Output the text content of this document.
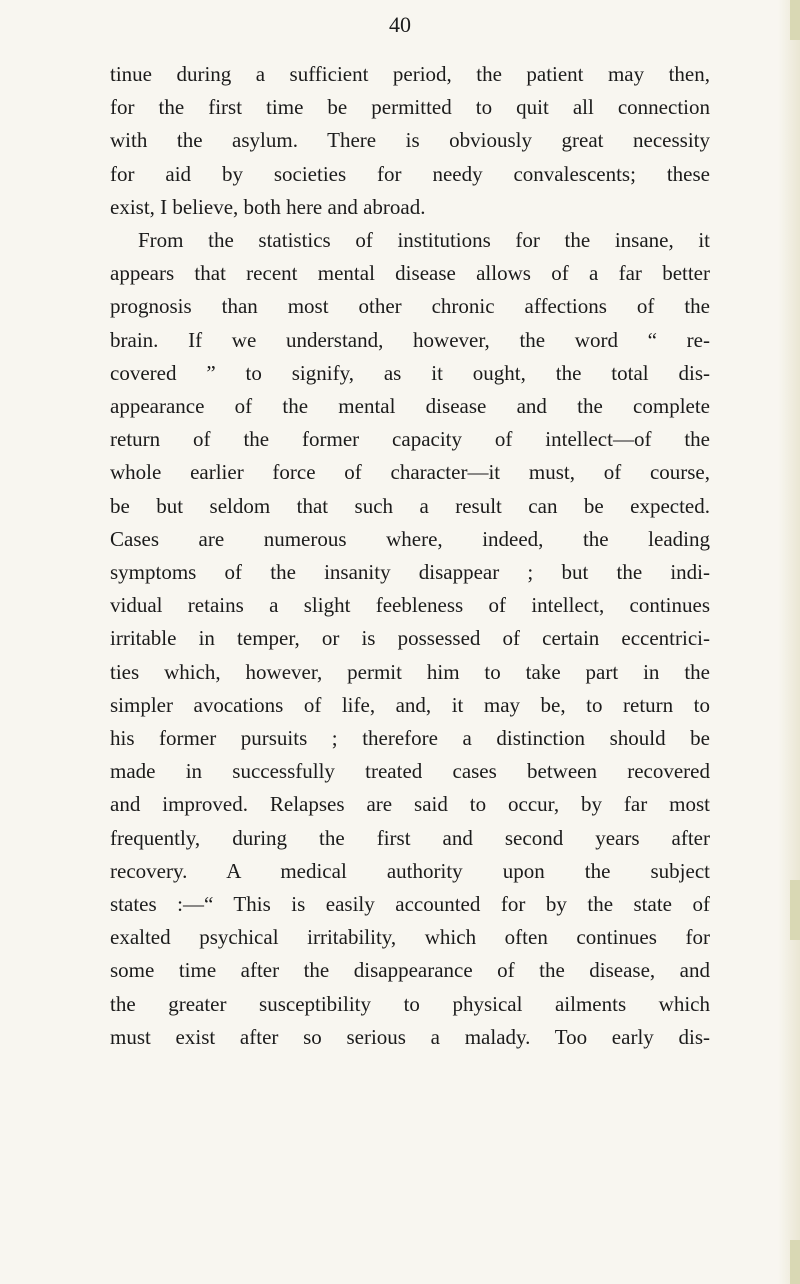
40
tinue during a sufficient period, the patient may then,
for the first time be permitted to quit all connection
with the asylum. There is obviously great necessity
for aid by societies for needy convalescents; these
exist, I believe, both here and abroad.
From the statistics of institutions for the insane, it
appears that recent mental disease allows of a far better
prognosis than most other chronic affections of the
brain. If we understand, however, the word “ re-
covered ” to signify, as it ought, the total dis-
appearance of the mental disease and the complete
return of the former capacity of intellect—of the
whole earlier force of character—it must, of course,
be but seldom that such a result can be expected.
Cases are numerous where, indeed, the leading
symptoms of the insanity disappear ; but the indi-
vidual retains a slight feebleness of intellect, continues
irritable in temper, or is possessed of certain eccentrici-
ties which, however, permit him to take part in the
simpler avocations of life, and, it may be, to return to
his former pursuits ; therefore a distinction should be
made in successfully treated cases between recovered
and improved. Relapses are said to occur, by far most
frequently, during the first and second years after
recovery. A medical authority upon the subject
states :—“ This is easily accounted for by the state of
exalted psychical irritability, which often continues for
some time after the disappearance of the disease, and
the greater susceptibility to physical ailments which
must exist after so serious a malady. Too early dis-
